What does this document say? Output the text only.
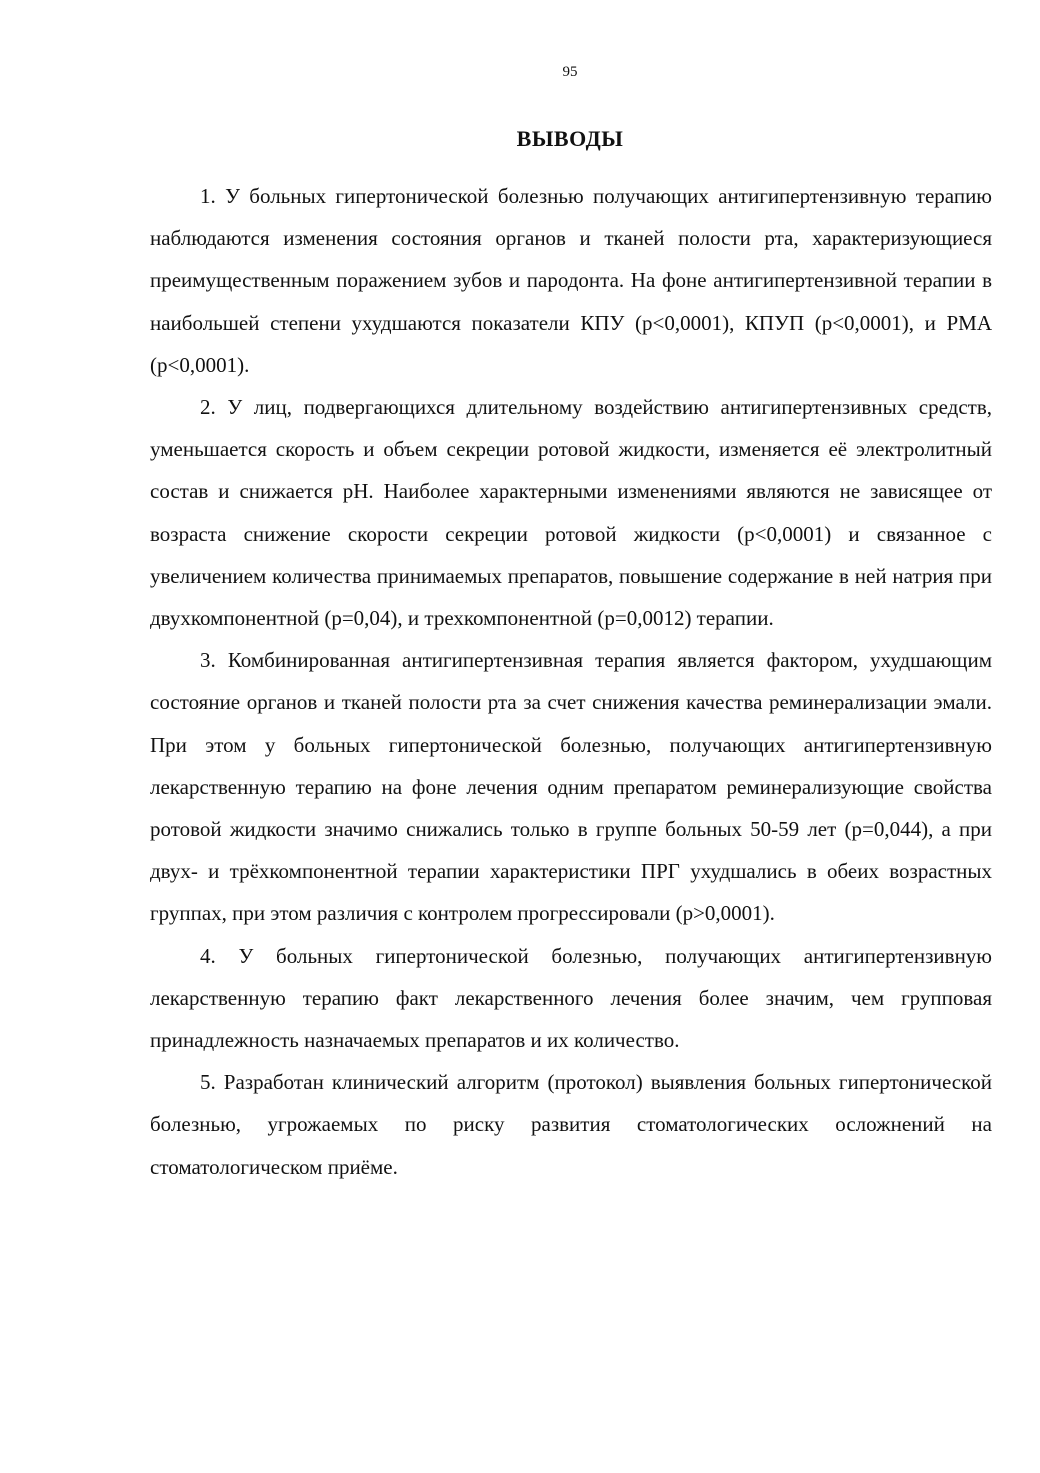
95
ВЫВОДЫ

1. У больных гипертонической болезнью получающих антигипертензивную терапию наблюдаются изменения состояния органов и тканей полости рта, характеризующиеся преимущественным поражением зубов и пародонта. На фоне антигипертензивной терапии в наибольшей степени ухудшаются показатели КПУ (p<0,0001), КПУП (p<0,0001), и РМА (p<0,0001).

2. У лиц, подвергающихся длительному воздействию антигипертензивных средств, уменьшается скорость и объем секреции ротовой жидкости, изменяется её электролитный состав и снижается pH. Наиболее характерными изменениями являются не зависящее от возраста снижение скорости секреции ротовой жидкости (p<0,0001) и связанное с увеличением количества принимаемых препаратов, повышение содержание в ней натрия при двухкомпонентной (p=0,04), и трехкомпонентной (p=0,0012) терапии.

3. Комбинированная антигипертензивная терапия является фактором, ухудшающим состояние органов и тканей полости рта за счет снижения качества реминерализации эмали. При этом у больных гипертонической болезнью, получающих антигипертензивную лекарственную терапию на фоне лечения одним препаратом реминерализующие свойства ротовой жидкости значимо снижались только в группе больных 50-59 лет (p=0,044), а при двух- и трёхкомпонентной терапии характеристики ПРГ ухудшались в обеих возрастных группах, при этом различия с контролем прогрессировали (p>0,0001).

4. У больных гипертонической болезнью, получающих антигипертензивную лекарственную терапию факт лекарственного лечения более значим, чем групповая принадлежность назначаемых препаратов и их количество.

5. Разработан клинический алгоритм (протокол) выявления больных гипертонической болезнью, угрожаемых по риску развития стоматологических осложнений на стоматологическом приёме.
